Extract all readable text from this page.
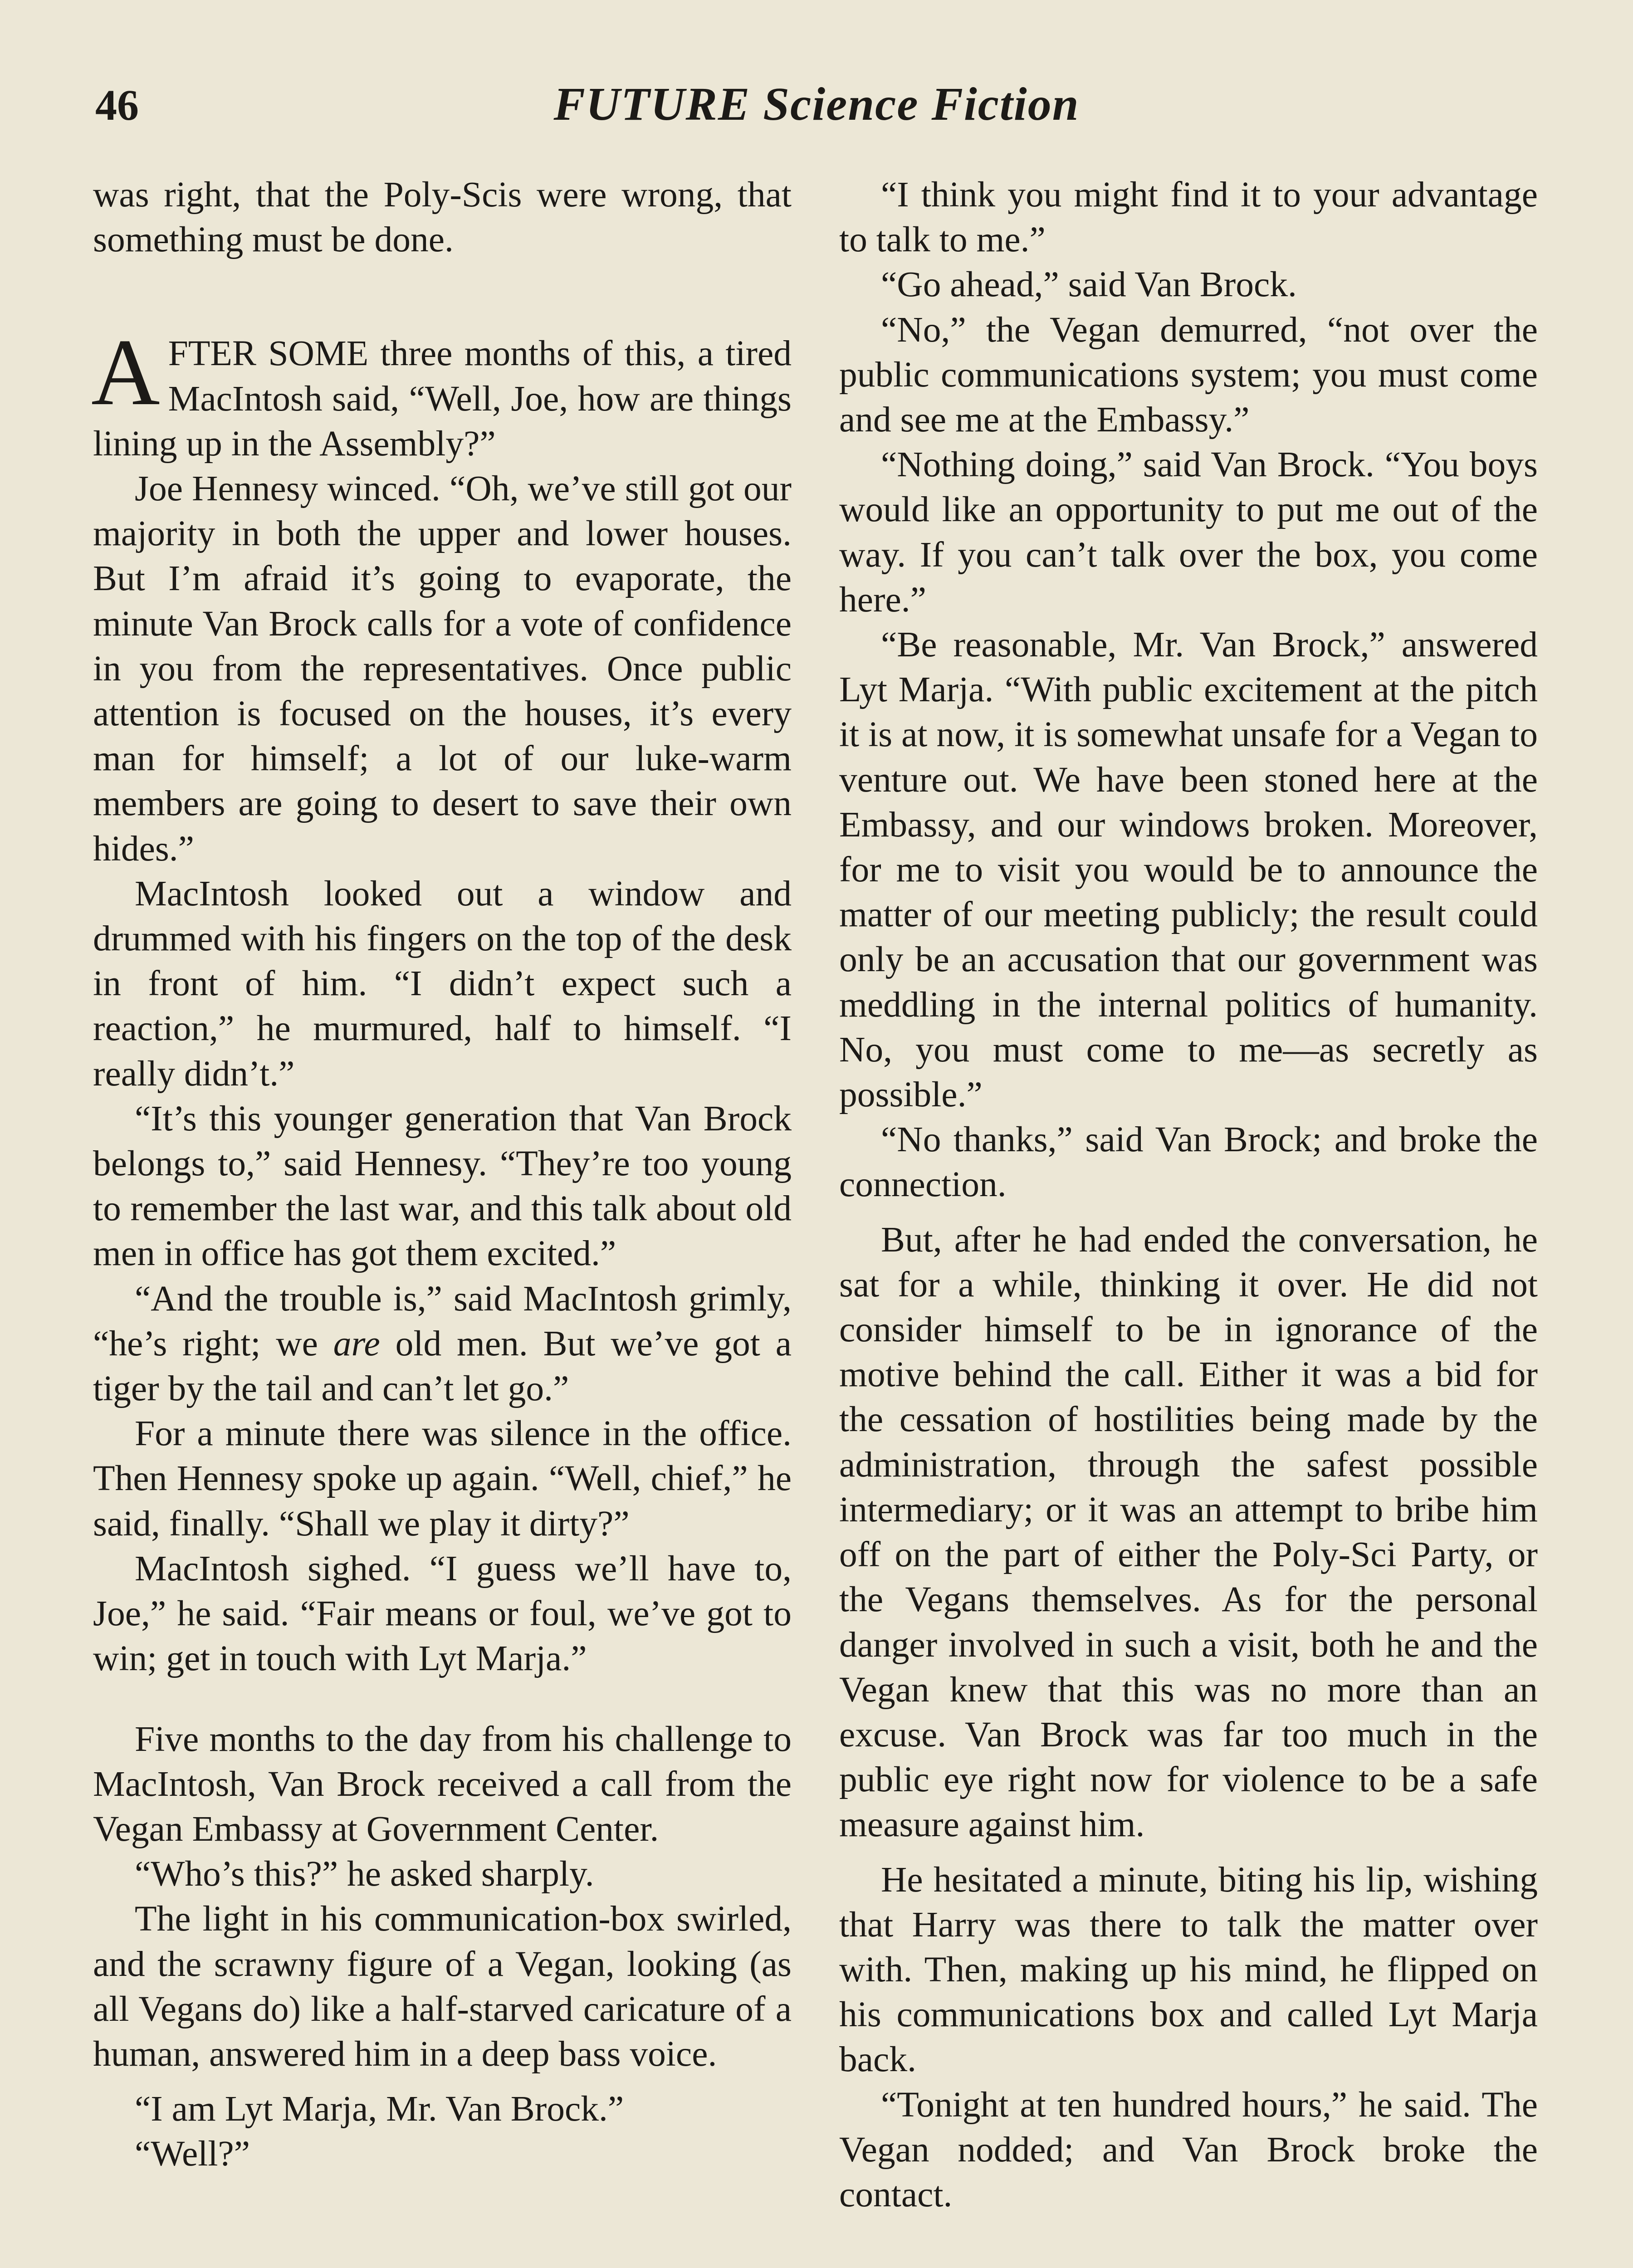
46	FUTURE Science Fiction

was right, that the Poly-Scis were wrong, that something must be done.

AFTER SOME three months of this, a tired MacIntosh said, “Well, Joe, how are things lining up in the Assembly?”

Joe Hennesy winced. “Oh, we’ve still got our majority in both the upper and lower houses. But I’m afraid it’s going to evaporate, the minute Van Brock calls for a vote of confidence in you from the representatives. Once public attention is focused on the houses, it’s every man for himself; a lot of our luke-warm members are going to desert to save their own hides.”

MacIntosh looked out a window and drummed with his fingers on the top of the desk in front of him. “I didn’t expect such a reaction,” he murmured, half to himself. “I really didn’t.”

“It’s this younger generation that Van Brock belongs to,” said Hennesy. “They’re too young to remember the last war, and this talk about old men in office has got them excited.”

“And the trouble is,” said MacIntosh grimly, “he’s right; we are old men. But we’ve got a tiger by the tail and can’t let go.”

For a minute there was silence in the office. Then Hennesy spoke up again. “Well, chief,” he said, finally. “Shall we play it dirty?”

MacIntosh sighed. “I guess we’ll have to, Joe,” he said. “Fair means or foul, we’ve got to win; get in touch with Lyt Marja.”

Five months to the day from his challenge to MacIntosh, Van Brock received a call from the Vegan Embassy at Government Center.

“Who’s this?” he asked sharply.

The light in his communication-box swirled, and the scrawny figure of a Vegan, looking (as all Vegans do) like a half-starved caricature of a human, answered him in a deep bass voice.

“I am Lyt Marja, Mr. Van Brock.”

“Well?”

“I think you might find it to your advantage to talk to me.”

“Go ahead,” said Van Brock.

“No,” the Vegan demurred, “not over the public communications system; you must come and see me at the Embassy.”

“Nothing doing,” said Van Brock. “You boys would like an opportunity to put me out of the way. If you can’t talk over the box, you come here.”

“Be reasonable, Mr. Van Brock,” answered Lyt Marja. “With public excitement at the pitch it is at now, it is somewhat unsafe for a Vegan to venture out. We have been stoned here at the Embassy, and our windows broken. Moreover, for me to visit you would be to announce the matter of our meeting publicly; the result could only be an accusation that our government was meddling in the internal politics of humanity. No, you must come to me—as secretly as possible.”

“No thanks,” said Van Brock; and broke the connection.

But, after he had ended the conversation, he sat for a while, thinking it over. He did not consider himself to be in ignorance of the motive behind the call. Either it was a bid for the cessation of hostilities being made by the administration, through the safest possible intermediary; or it was an attempt to bribe him off on the part of either the Poly-Sci Party, or the Vegans themselves. As for the personal danger involved in such a visit, both he and the Vegan knew that this was no more than an excuse. Van Brock was far too much in the public eye right now for violence to be a safe measure against him.

He hesitated a minute, biting his lip, wishing that Harry was there to talk the matter over with. Then, making up his mind, he flipped on his communications box and called Lyt Marja back.

“Tonight at ten hundred hours,” he said. The Vegan nodded; and Van Brock broke the contact.
